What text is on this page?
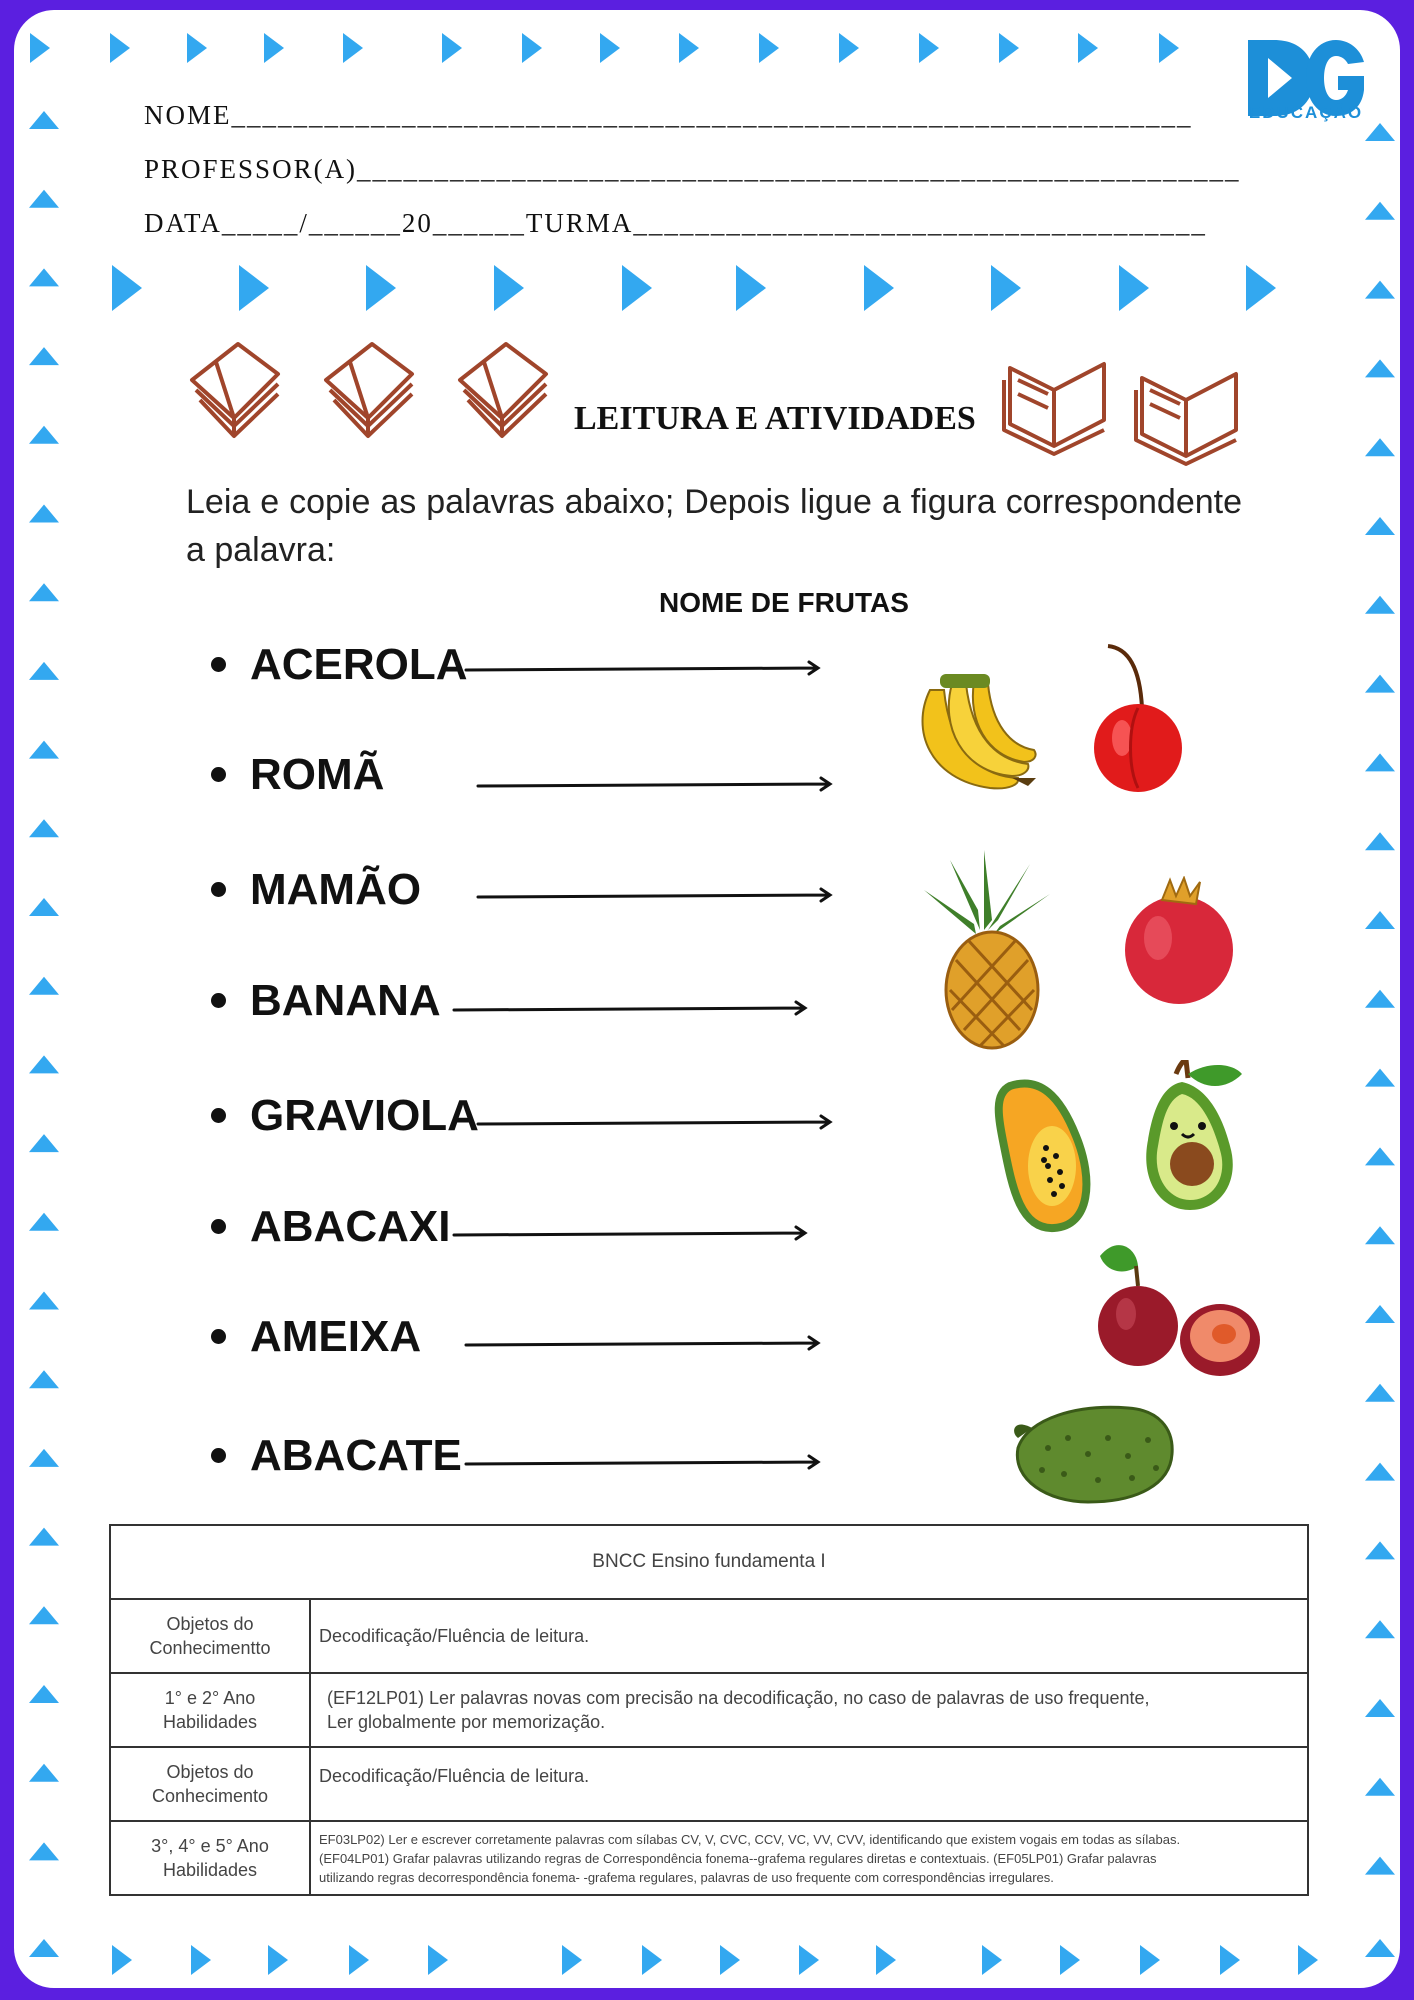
EDUCAÇÃO
NOME______________________________________________________________
PROFESSOR(A)_________________________________________________________
DATA_____/______20______TURMA_____________________________________
LEITURA E ATIVIDADES
Leia e copie as palavras abaixo; Depois ligue a figura correspondente a palavra:
NOME DE FRUTAS
ACEROLA
ROMÃ
MAMÃO
BANANA
GRAVIOLA
ABACAXI
AMEIXA
ABACATE
BNCC Ensino fundamenta I	
Objetos do
Conhecimentto	Decodificação/Fluência de leitura.
1° e 2° Ano
Habilidades	(EF12LP01) Ler palavras novas com precisão na decodificação, no caso de palavras de uso frequente,
Ler globalmente por memorização.
Objetos do
Conhecimento	Decodificação/Fluência de leitura.
3°, 4° e 5° Ano
Habilidades	EF03LP02) Ler e escrever corretamente palavras com sílabas CV, V, CVC, CCV, VC, VV, CVV, identificando que existem vogais em todas as sílabas.
(EF04LP01) Grafar palavras utilizando regras de Correspondência fonema--grafema regulares diretas e contextuais. (EF05LP01) Grafar palavras
utilizando regras decorrespondência fonema- -grafema regulares, palavras de uso frequente com correspondências irregulares.
